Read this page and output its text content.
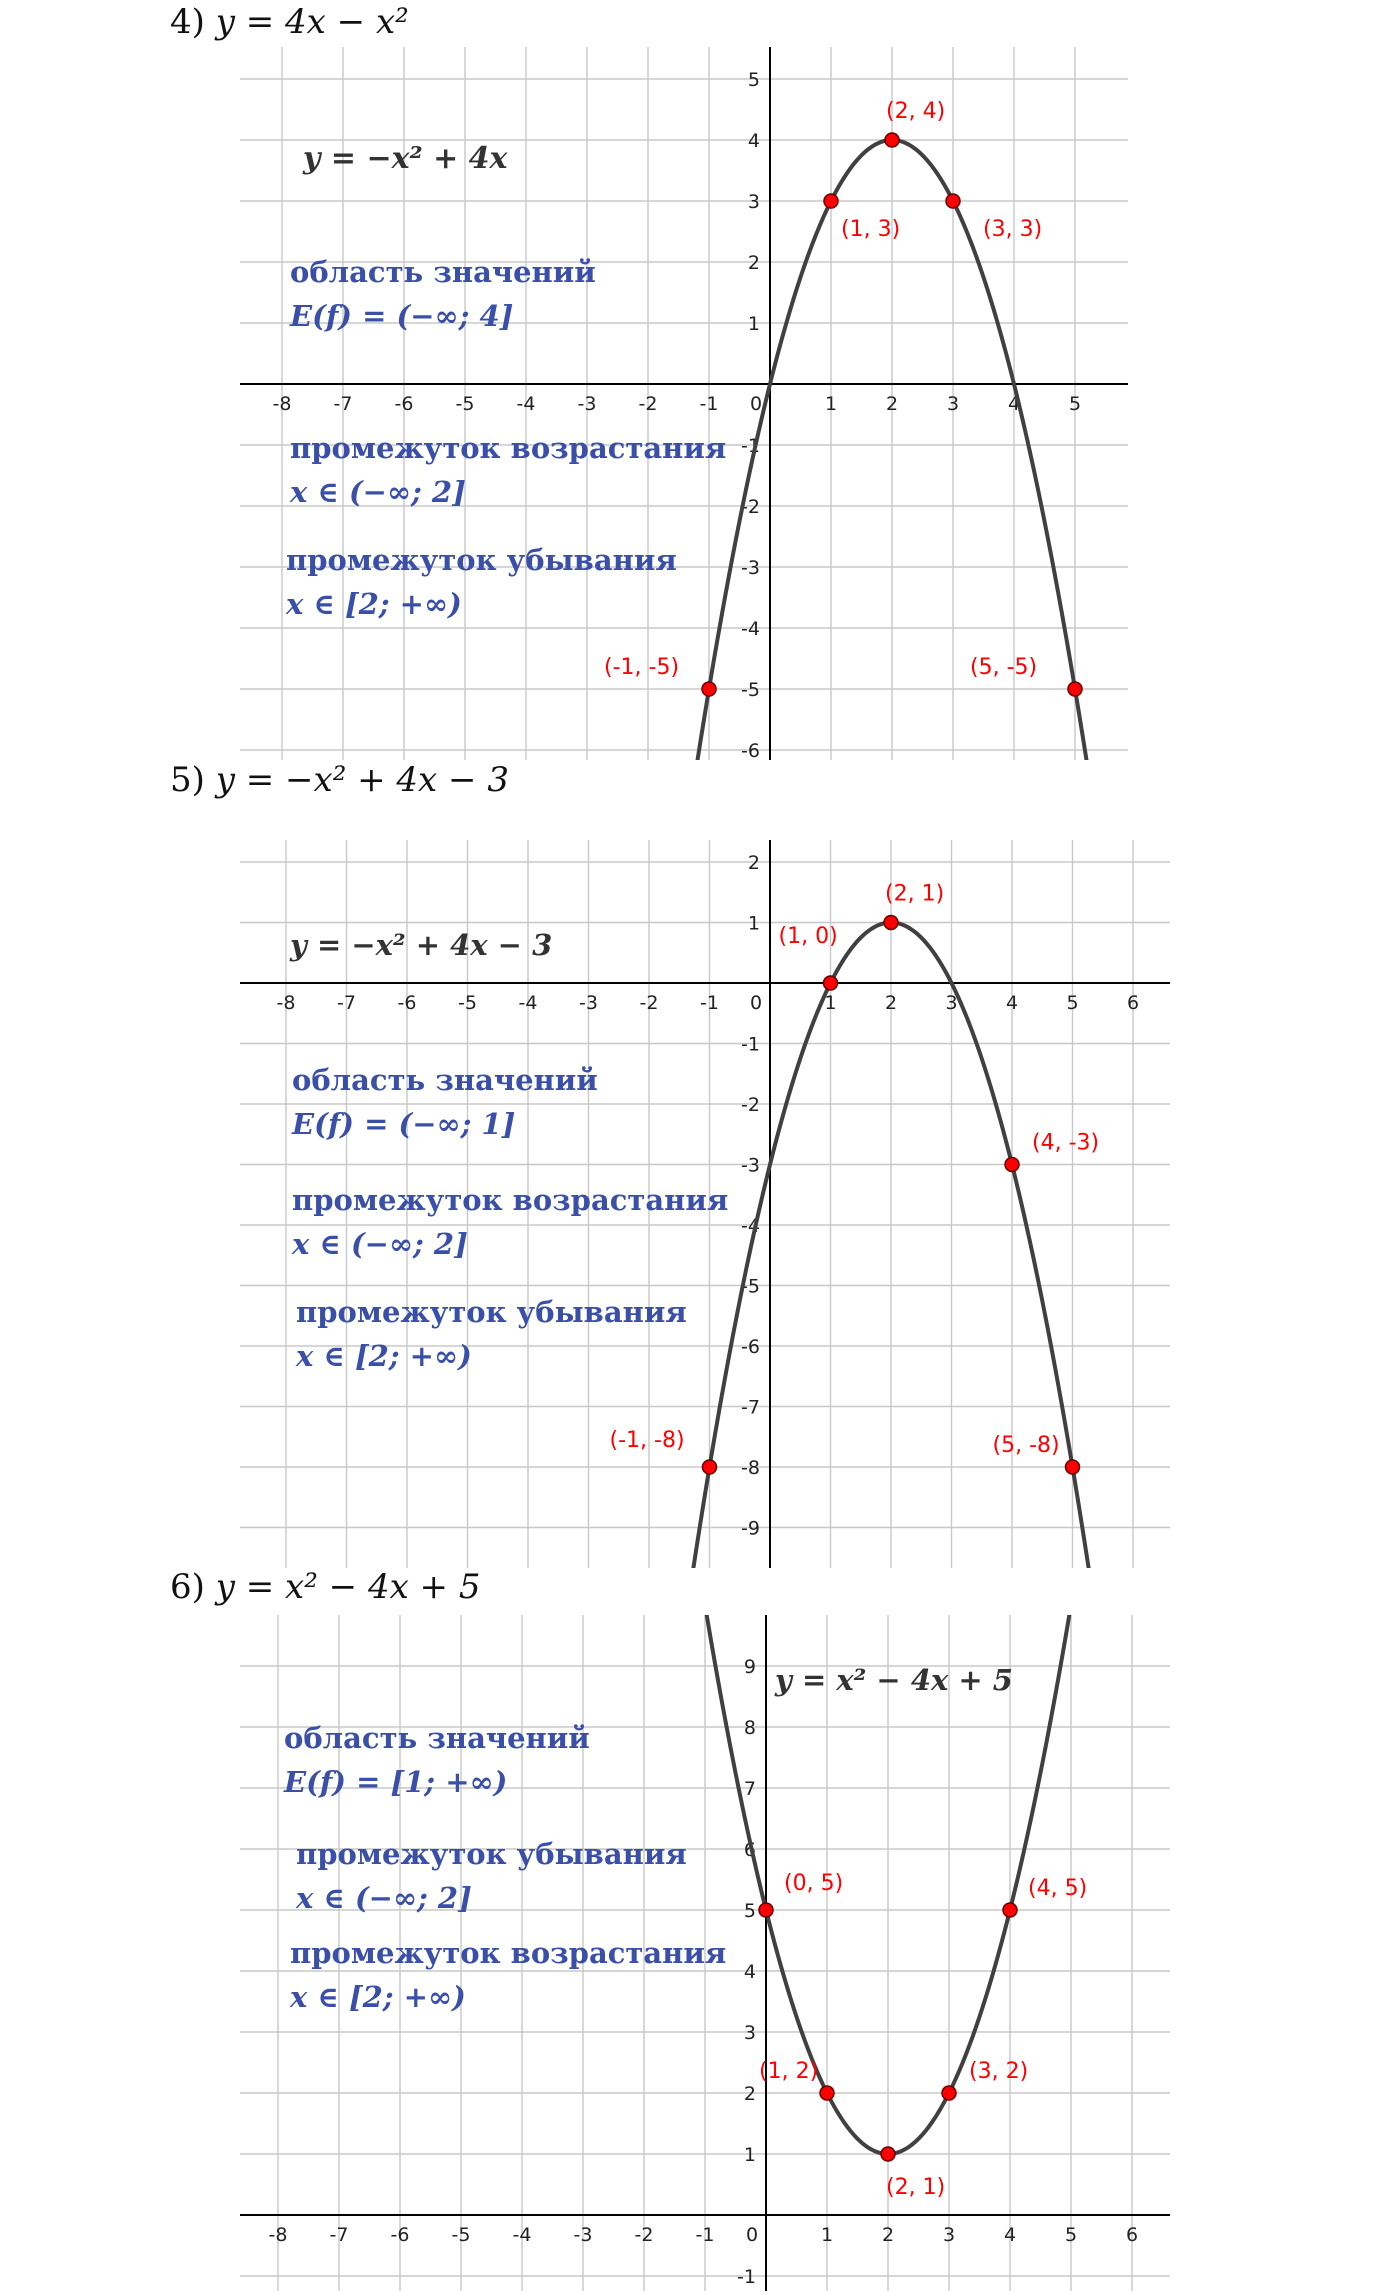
4) y = 4x − x²
5) y = −x² + 4x − 3
6) y = x² − 4x + 5
-8 -7 -6 -5 -4 -3 -2 -1 0	1	2	3	4	5
5
4
3
2
1
-1
-2
-3
-4
-5
-6
(2, 4)
(1, 3)	(3, 3)
(-1, -5)	(5, -5)
y = −x² + 4x
область значений
E(f) = (−∞; 4]
промежуток возрастания
x ∈ (−∞; 2]
промежуток убывания
x ∈ [2; +∞)
-8 -7 -6 -5 -4 -3 -2 -1 0	1	2	3	4	5	6
2
1
-1
-2
-3
-4
-5
-6
-7
-8
-9
(2, 1)
(1, 0)
(4, -3)
(-1, -8)	(5, -8)
y = −x² + 4x − 3
область значений
E(f) = (−∞; 1]
промежуток возрастания
x ∈ (−∞; 2]
промежуток убывания
x ∈ [2; +∞)
-8 -7 -6 -5 -4 -3 -2 -1 0	1	2	3	4	5	6
9
8
7
6
5
4
3
2
1
-1
(0, 5)	(4, 5)
(1, 2)	(3, 2)
(2, 1)
y = x² − 4x + 5
область значений
E(f) = [1; +∞)
промежуток убывания
x ∈ (−∞; 2]
промежуток возрастания
x ∈ [2; +∞)
